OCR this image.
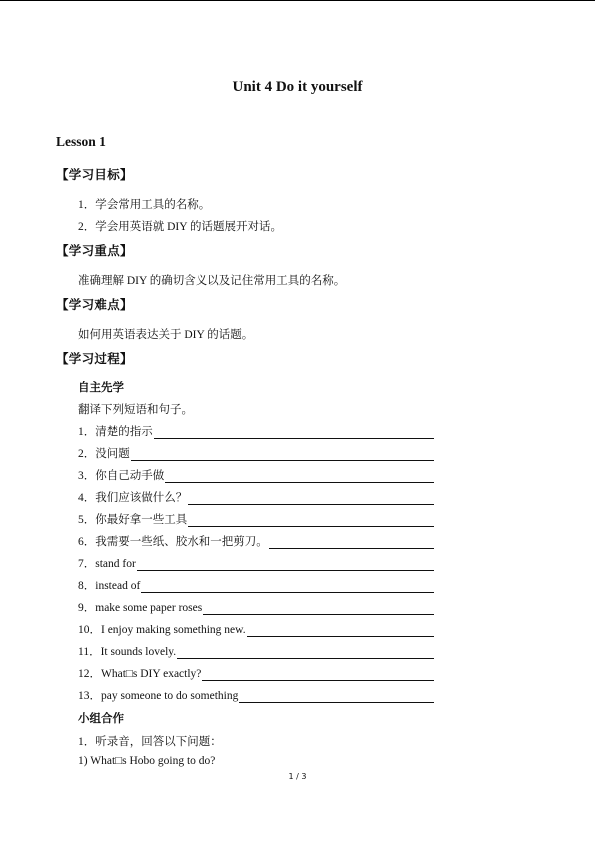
Unit 4 Do it yourself
Lesson 1
【学习目标】
1．学会常用工具的名称。
2．学会用英语就 DIY 的话题展开对话。
【学习重点】
准确理解 DIY 的确切含义以及记住常用工具的名称。
【学习难点】
如何用英语表达关于 DIY 的话题。
【学习过程】
自主先学
翻译下列短语和句子。
1．清楚的指示
2．没问题
3．你自己动手做
4．我们应该做什么？
5．你最好拿一些工具
6．我需要一些纸、胶水和一把剪刀。
7．stand for
8．instead of
9．make some paper roses
10．I enjoy making something new.
11．It sounds lovely.
12．What□s DIY exactly?
13．pay someone to do something
小组合作
1．听录音，回答以下问题：
1) What□s Hobo going to do?
1 / 3
